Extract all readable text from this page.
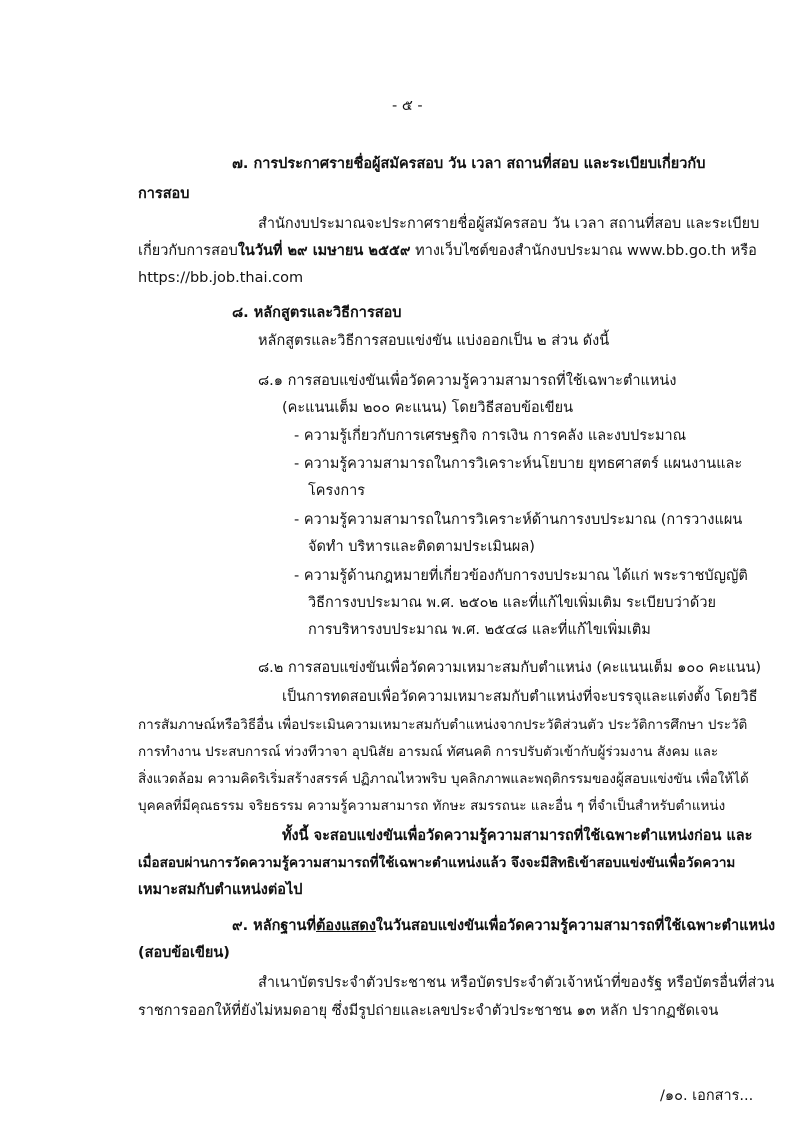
- ๕ -
๗. การประกาศรายชื่อผู้สมัครสอบ วัน เวลา สถานที่สอบ และระเบียบเกี่ยวกับ
การสอบ
สำนักงบประมาณจะประกาศรายชื่อผู้สมัครสอบ วัน เวลา สถานที่สอบ และระเบียบ
เกี่ยวกับการสอบในวันที่ ๒๙ เมษายน ๒๕๕๙ ทางเว็บไซต์ของสำนักงบประมาณ www.bb.go.th หรือ
https://bb.job.thai.com
๘. หลักสูตรและวิธีการสอบ
หลักสูตรและวิธีการสอบแข่งขัน แบ่งออกเป็น ๒ ส่วน ดังนี้
๘.๑ การสอบแข่งขันเพื่อวัดความรู้ความสามารถที่ใช้เฉพาะตำแหน่ง
(คะแนนเต็ม ๒๐๐ คะแนน) โดยวิธีสอบข้อเขียน
- ความรู้เกี่ยวกับการเศรษฐกิจ การเงิน การคลัง และงบประมาณ
- ความรู้ความสามารถในการวิเคราะห์นโยบาย ยุทธศาสตร์ แผนงานและ
โครงการ
- ความรู้ความสามารถในการวิเคราะห์ด้านการงบประมาณ (การวางแผน
จัดทำ บริหารและติดตามประเมินผล)
- ความรู้ด้านกฎหมายที่เกี่ยวข้องกับการงบประมาณ ได้แก่ พระราชบัญญัติ
วิธีการงบประมาณ พ.ศ. ๒๕๐๒ และที่แก้ไขเพิ่มเติม ระเบียบว่าด้วย
การบริหารงบประมาณ พ.ศ. ๒๕๔๘ และที่แก้ไขเพิ่มเติม
๘.๒ การสอบแข่งขันเพื่อวัดความเหมาะสมกับตำแหน่ง (คะแนนเต็ม ๑๐๐ คะแนน)
เป็นการทดสอบเพื่อวัดความเหมาะสมกับตำแหน่งที่จะบรรจุและแต่งตั้ง โดยวิธี
การสัมภาษณ์หรือวิธีอื่น เพื่อประเมินความเหมาะสมกับตำแหน่งจากประวัติส่วนตัว ประวัติการศึกษา ประวัติ
การทำงาน ประสบการณ์ ท่วงทีวาจา อุปนิสัย อารมณ์ ทัศนคติ การปรับตัวเข้ากับผู้ร่วมงาน สังคม และ
สิ่งแวดล้อม ความคิดริเริ่มสร้างสรรค์ ปฏิภาณไหวพริบ บุคลิกภาพและพฤติกรรมของผู้สอบแข่งขัน เพื่อให้ได้
บุคคลที่มีคุณธรรม จริยธรรม ความรู้ความสามารถ ทักษะ สมรรถนะ และอื่น ๆ ที่จำเป็นสำหรับตำแหน่ง
ทั้งนี้ จะสอบแข่งขันเพื่อวัดความรู้ความสามารถที่ใช้เฉพาะตำแหน่งก่อน และ
เมื่อสอบผ่านการวัดความรู้ความสามารถที่ใช้เฉพาะตำแหน่งแล้ว จึงจะมีสิทธิเข้าสอบแข่งขันเพื่อวัดความ
เหมาะสมกับตำแหน่งต่อไป
๙. หลักฐานที่ต้องแสดงในวันสอบแข่งขันเพื่อวัดความรู้ความสามารถที่ใช้เฉพาะตำแหน่ง
(สอบข้อเขียน)
สำเนาบัตรประจำตัวประชาชน หรือบัตรประจำตัวเจ้าหน้าที่ของรัฐ หรือบัตรอื่นที่ส่วน
ราชการออกให้ที่ยังไม่หมดอายุ ซึ่งมีรูปถ่ายและเลขประจำตัวประชาชน ๑๓ หลัก ปรากฏชัดเจน
/๑๐. เอกสาร...
